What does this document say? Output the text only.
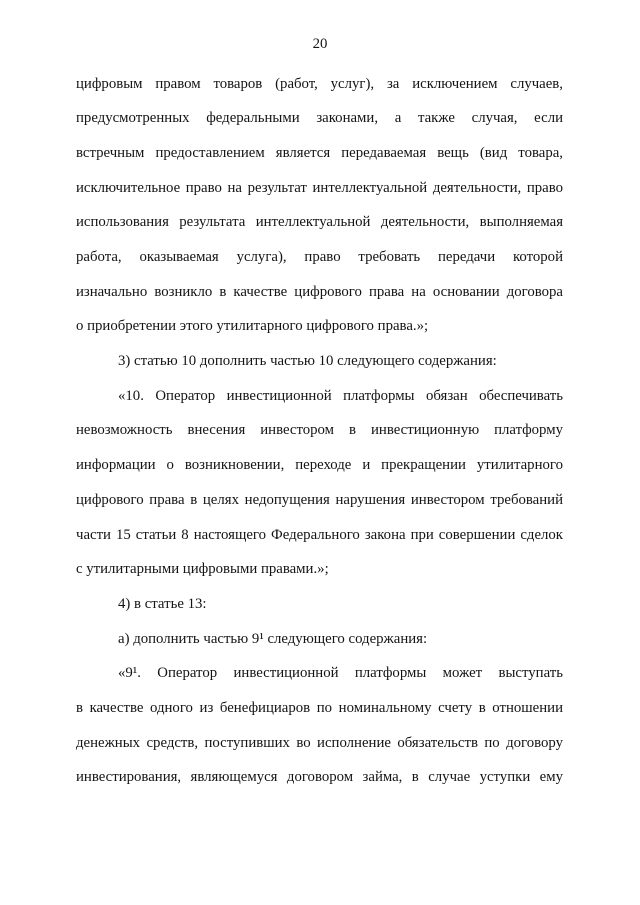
20
цифровым правом товаров (работ, услуг), за исключением случаев,
предусмотренных федеральными законами, а также случая, если
встречным предоставлением является передаваемая вещь (вид товара,
исключительное право на результат интеллектуальной деятельности, право
использования результата интеллектуальной деятельности, выполняемая
работа, оказываемая услуга), право требовать передачи которой
изначально возникло в качестве цифрового права на основании договора
о приобретении этого утилитарного цифрового права.»;
3) статью 10 дополнить частью 10 следующего содержания:
«10. Оператор инвестиционной платформы обязан обеспечивать
невозможность внесения инвестором в инвестиционную платформу
информации о возникновении, переходе и прекращении утилитарного
цифрового права в целях недопущения нарушения инвестором требований
части 15 статьи 8 настоящего Федерального закона при совершении сделок
с утилитарными цифровыми правами.»;
4) в статье 13:
а) дополнить частью 9¹ следующего содержания:
«9¹. Оператор инвестиционной платформы может выступать
в качестве одного из бенефициаров по номинальному счету в отношении
денежных средств, поступивших во исполнение обязательств по договору
инвестирования, являющемуся договором займа, в случае уступки ему
